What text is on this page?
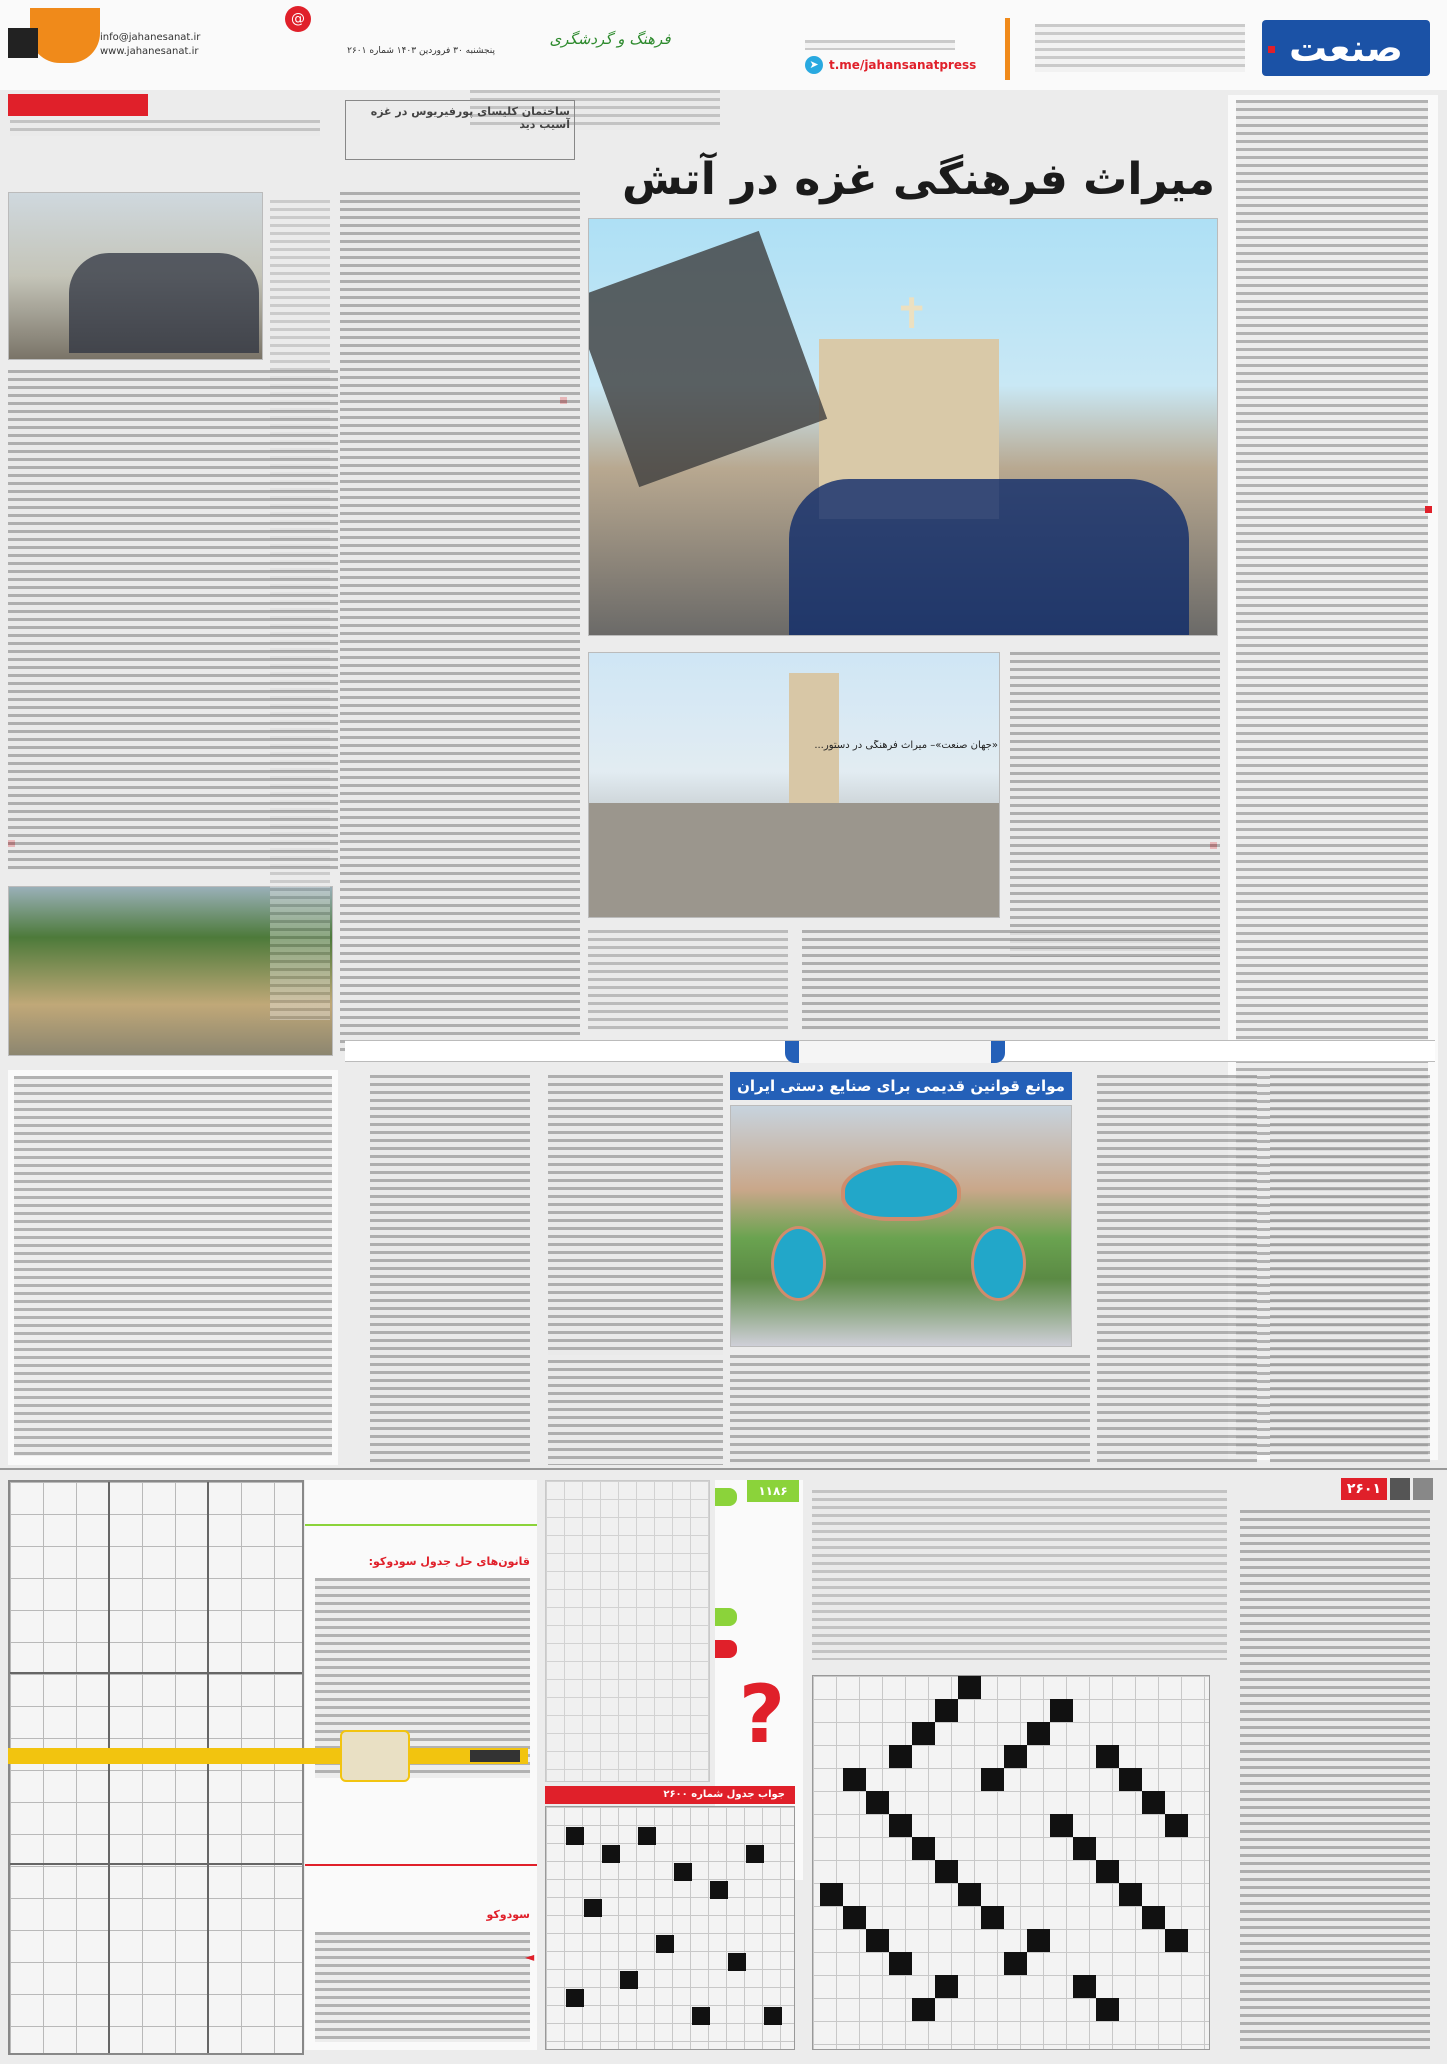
صنعت
➤ t.me/jahansanatpress
فرهنگ و گردشگری
پنجشنبه ۳۰ فروردین ۱۴۰۳ شماره ۲۶۰۱
@
info@jahanesanat.ir
www.jahanesanat.ir
میراث فرهنگی غزه در آتش
✝
ساختمان کلیسای پورفیریوس در غزه آسیب دید
«جهان صنعت»– میراث فرهنگی در دستور...
موانع قوانین قدیمی برای صنایع دستی ایران
۲۶۰۱
۱۱۸۶
?
جواب جدول شماره ۲۶۰۰
قانون‌های حل جدول سودوکو:
سودوکو
◄
